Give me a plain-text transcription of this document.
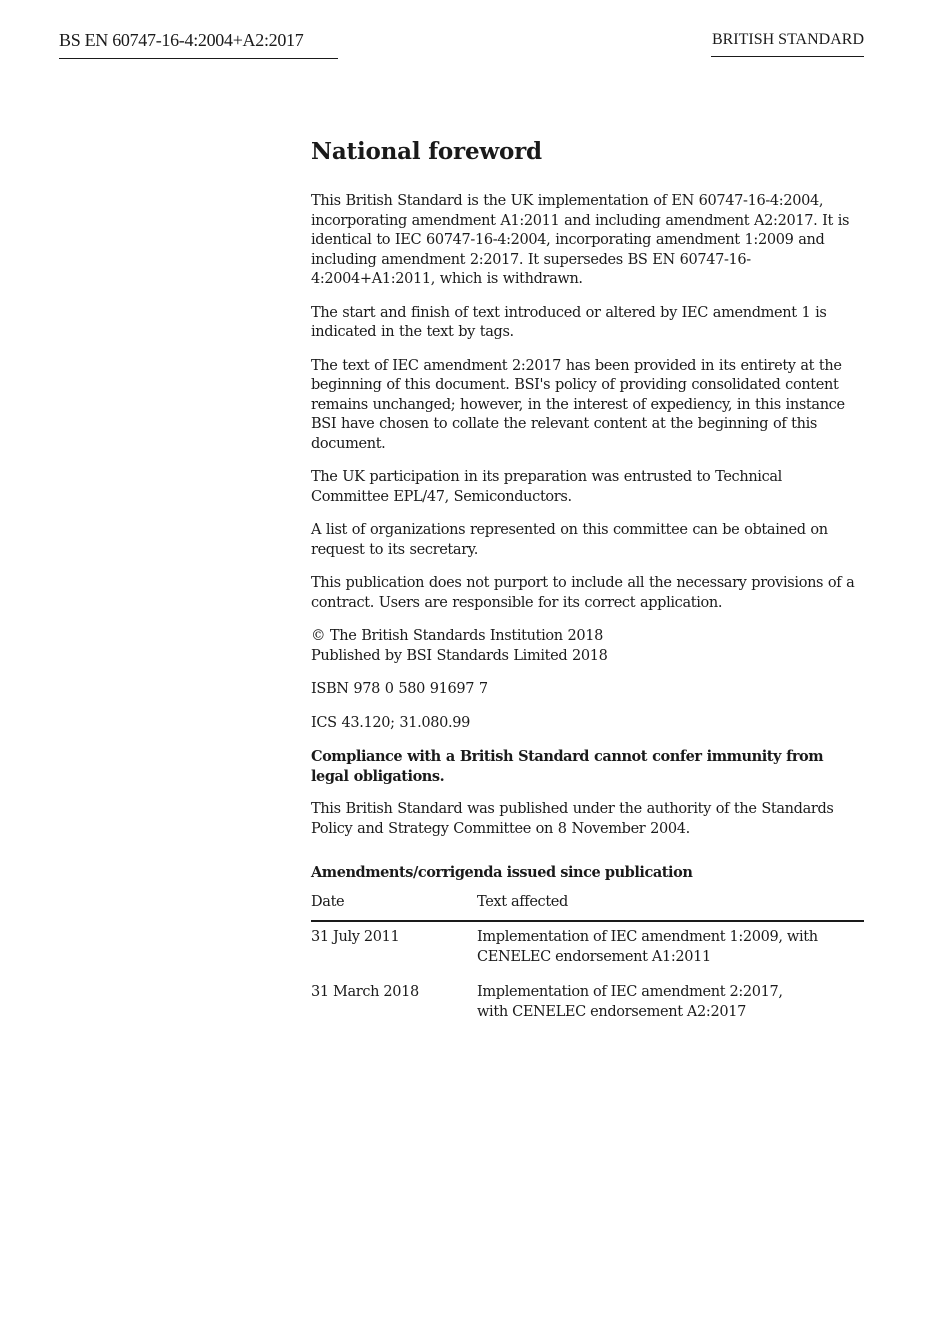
BS EN 60747-16-4:2004+A2:2017	BRITISH STANDARD
National foreword

This British Standard is the UK implementation of EN 60747-16-4:2004, incorporating amendment A1:2011 and including amendment A2:2017. It is identical to IEC 60747-16-4:2004, incorporating amendment 1:2009 and including amendment 2:2017. It supersedes BS EN 60747-16-4:2004+A1:2011, which is withdrawn.

The start and finish of text introduced or altered by IEC amendment 1 is indicated in the text by tags.

The text of IEC amendment 2:2017 has been provided in its entirety at the beginning of this document. BSI's policy of providing consolidated content remains unchanged; however, in the interest of expediency, in this instance BSI have chosen to collate the relevant content at the beginning of this document.

The UK participation in its preparation was entrusted to Technical Committee EPL/47, Semiconductors.

A list of organizations represented on this committee can be obtained on request to its secretary.

This publication does not purport to include all the necessary provisions of a contract. Users are responsible for its correct application.

© The British Standards Institution 2018
Published by BSI Standards Limited 2018

ISBN 978 0 580 91697 7

ICS 43.120; 31.080.99

Compliance with a British Standard cannot confer immunity from legal obligations.

This British Standard was published under the authority of the Standards Policy and Strategy Committee on 8 November 2004.

Amendments/corrigenda issued since publication
Date	Text affected
31 July 2011	Implementation of IEC amendment 1:2009, with
CENELEC endorsement A1:2011
31 March 2018	Implementation of IEC amendment 2:2017,
with CENELEC endorsement A2:2017
